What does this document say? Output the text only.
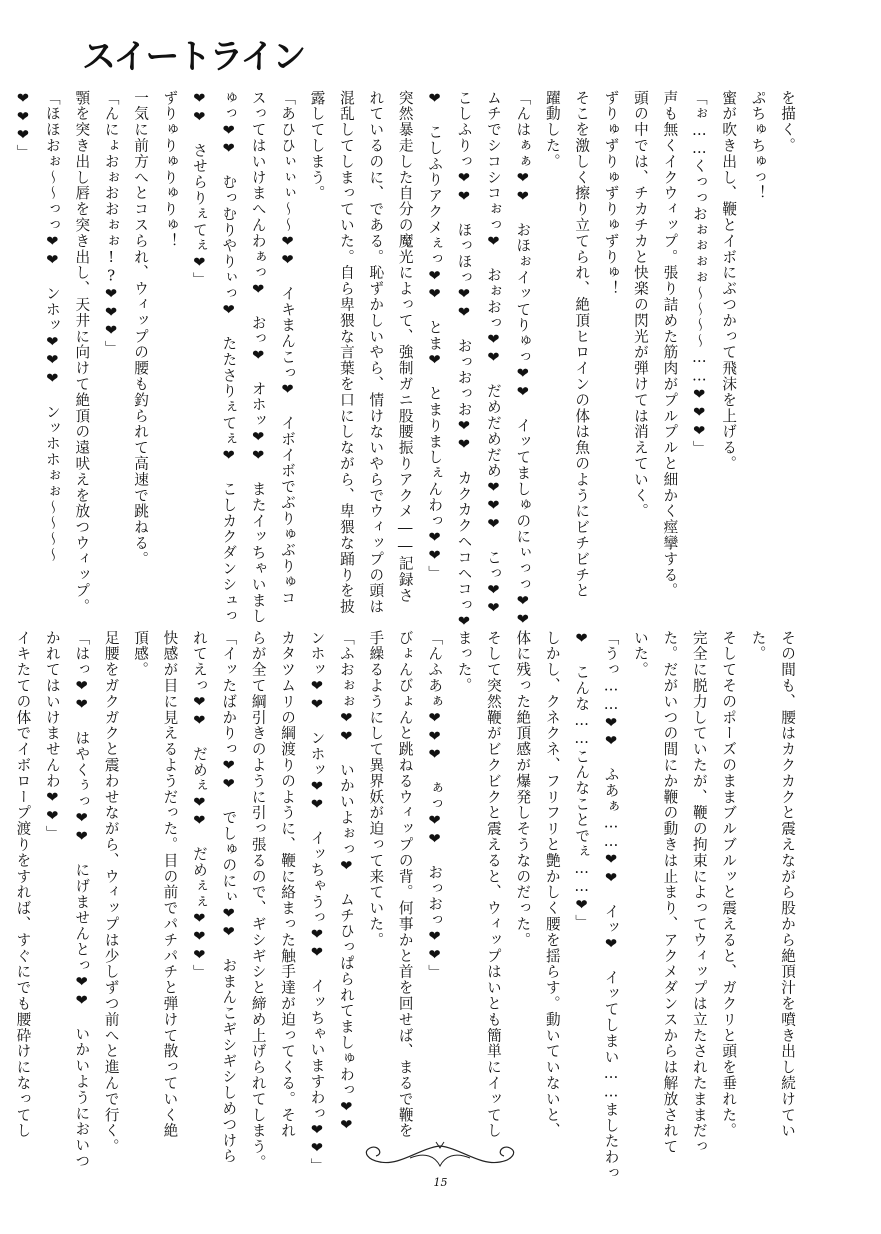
スイートライン
を描く。
ぷちゅちゅっ！
蜜が吹き出し、鞭とイボにぶつかって飛沫を上げる。
「ぉ……くっっおぉぉぉぉ～～～～……❤❤❤」
声も無くイクウィップ。張り詰めた筋肉がプルプルと細かく痙攣する。
頭の中では、チカチカと快楽の閃光が弾けては消えていく。
ずりゅずりゅずりゅずりゅ！
そこを激しく擦り立てられ、絶頂ヒロインの体は魚のようにビチビチと
躍動した。
「んはぁぁ❤❤　おほぉイッてりゅっ❤❤　イッてましゅのにぃっっ❤❤
ムチでシコシコぉっ❤　おぉおっ❤❤　だめだめだめ❤❤❤　こっ❤❤
こしふりっ❤❤　ほっほっ❤❤　おっおっお❤❤　カクカクヘコヘコっ❤
❤　こしふりアクメぇっ❤❤　とま❤　とまりましぇんわっ❤❤」
突然暴走した自分の魔光によって、強制ガニ股腰振りアクメ――記録さ
れているのに、である。恥ずかしいやら、情けないやらでウィップの頭は
混乱してしまっていた。自ら卑猥な言葉を口にしながら、卑猥な踊りを披
露してしまう。
「あひひぃぃぃ～～❤❤　イキまんこっ❤　イボイボでぶりゅぶりゅコ
スってはいけまへんわぁっ❤　おっ❤　オホッ❤❤　またイッちゃいまし
ゅっ❤❤　むっむりやりぃっ❤　たたさりぇてぇ❤　こしカクダンシュっ
❤❤　させらりぇてぇ❤」
ずりゅりゅりゅりゅ！
一気に前方へとコスられ、ウィップの腰も釣られて高速で跳ねる。
「んにょおぉおおぉぉ!?❤❤❤」
顎を突き出し唇を突き出し、天井に向けて絶頂の遠吠えを放つウィップ。
「ほほおぉ～～っっ❤❤　ンホッ❤❤❤　ンッホホぉぉ～～～～
❤❤❤」
その間も、腰はカクカクと震えながら股から絶頂汁を噴き出し続けてい
た。
そしてそのポーズのままブルブルッと震えると、ガクリと頭を垂れた。
完全に脱力していたが、鞭の拘束によってウィップは立たされたままだっ
た。だがいつの間にか鞭の動きは止まり、アクメダンスからは解放されて
いた。
「うっ……❤❤　ふあぁ……❤❤　イッ❤　イッてしまい……ましたわっ
❤　こんな……こんなことでぇ……❤」
しかし、クネクネ、フリフリと艶かしく腰を揺らす。動いていないと、
体に残った絶頂感が爆発しそうなのだった。
そして突然鞭がビクビクと震えると、ウィップはいとも簡単にイッてし
まった。
「んふあぁ❤❤❤　ぁっ❤❤　おっおっ❤❤」
びょんびょんと跳ねるウィップの背。何事かと首を回せば、まるで鞭を
手繰るようにして異界妖が迫って来ていた。
「ふおぉぉ❤❤　いかいよぉっ❤　ムチひっぱられてましゅわっ❤❤
ンホッ❤❤　ンホッ❤❤　イッちゃうっ❤❤　イッちゃいますわっ❤❤」
カタツムリの綱渡りのように、鞭に絡まった触手達が迫ってくる。それ
らが全て綱引きのように引っ張るので、ギシギシと締め上げられてしまう。
「イッたばかりっ❤❤　でしゅのにぃ❤❤　おまんこギシギシしめつけら
れてえっ❤❤　だめぇ❤❤　だめぇぇ❤❤❤」
快感が目に見えるようだった。目の前でパチパチと弾けて散っていく絶
頂感。
足腰をガクガクと震わせながら、ウィップは少しずつ前へと進んで行く。
「はっ❤❤　はやくぅっ❤❤　にげませんとっ❤❤　いかいようにおいつ
かれてはいけませんわ❤❤」
イキたての体でイボロープ渡りをすれば、すぐにでも腰砕けになってし
15
